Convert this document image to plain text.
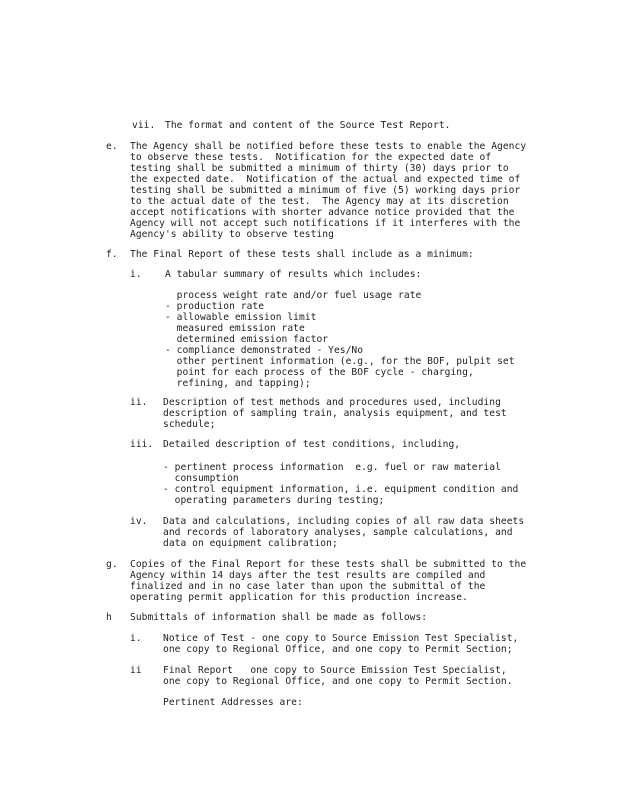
vii. The format and content of the Source Test Report.
e. The Agency shall be notified before these tests to enable the Agency
to observe these tests.  Notification for the expected date of
testing shall be submitted a minimum of thirty (30) days prior to
the expected date.  Notification of the actual and expected time of
testing shall be submitted a minimum of five (5) working days prior
to the actual date of the test.  The Agency may at its discretion
accept notifications with shorter advance notice provided that the
Agency will not accept such notifications if it interferes with the
Agency's ability to observe testing
f. The Final Report of these tests shall include as a minimum:
i. A tabular summary of results which includes:
process weight rate and/or fuel usage rate
- production rate
- allowable emission limit
measured emission rate
determined emission factor
- compliance demonstrated - Yes/No
other pertinent information (e.g., for the BOF, pulpit set
point for each process of the BOF cycle - charging,
refining, and tapping);
ii. Description of test methods and procedures used, including
description of sampling train, analysis equipment, and test
schedule;
iii. Detailed description of test conditions, including,
- pertinent process information  e.g. fuel or raw material
consumption
- control equipment information, i.e. equipment condition and
operating parameters during testing;
iv. Data and calculations, including copies of all raw data sheets
and records of laboratory analyses, sample calculations, and
data on equipment calibration;
g. Copies of the Final Report for these tests shall be submitted to the
Agency within 14 days after the test results are compiled and
finalized and in no case later than upon the submittal of the
operating permit application for this production increase.
h Submittals of information shall be made as follows:
i. Notice of Test - one copy to Source Emission Test Specialist,
one copy to Regional Office, and one copy to Permit Section;
ii Final Report   one copy to Source Emission Test Specialist,
one copy to Regional Office, and one copy to Permit Section.
Pertinent Addresses are:
